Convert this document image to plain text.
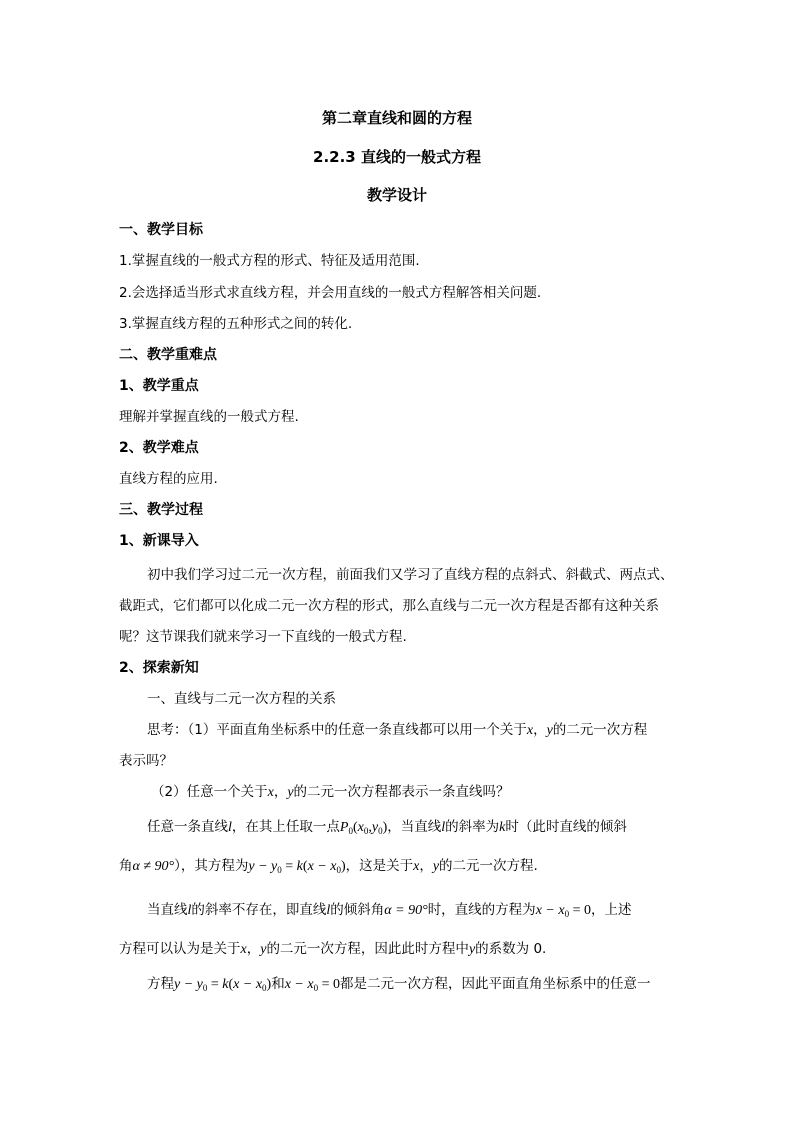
第二章直线和圆的方程
2.2.3 直线的一般式方程
教学设计
一、教学目标
1.掌握直线的一般式方程的形式、特征及适用范围.
2.会选择适当形式求直线方程，并会用直线的一般式方程解答相关问题.
3.掌握直线方程的五种形式之间的转化.
二、教学重难点
1、教学重点
理解并掌握直线的一般式方程.
2、教学难点
直线方程的应用.
三、教学过程
1、新课导入
初中我们学习过二元一次方程，前面我们又学习了直线方程的点斜式、斜截式、两点式、
截距式，它们都可以化成二元一次方程的形式，那么直线与二元一次方程是否都有这种关系
呢？这节课我们就来学习一下直线的一般式方程.
2、探索新知
一、直线与二元一次方程的关系
思考：（1）平面直角坐标系中的任意一条直线都可以用一个关于x，y的二元一次方程
表示吗？
（2）任意一个关于x，y的二元一次方程都表示一条直线吗？
任意一条直线l，在其上任取一点$P_0(x_0,y_0)$，当直线l的斜率为k时（此时直线的倾斜
角α ≠ 90°），其方程为$y - y_0 = k(x - x_0)$，这是关于x，y的二元一次方程.
当直线l的斜率不存在，即直线l的倾斜角α = 90°时，直线的方程为$x - x_0 = 0$，上述
方程可以认为是关于x，y的二元一次方程，因此此时方程中y的系数为 0.
方程$y - y_0 = k(x - x_0)$和$x - x_0 = 0$都是二元一次方程，因此平面直角坐标系中的任意一
